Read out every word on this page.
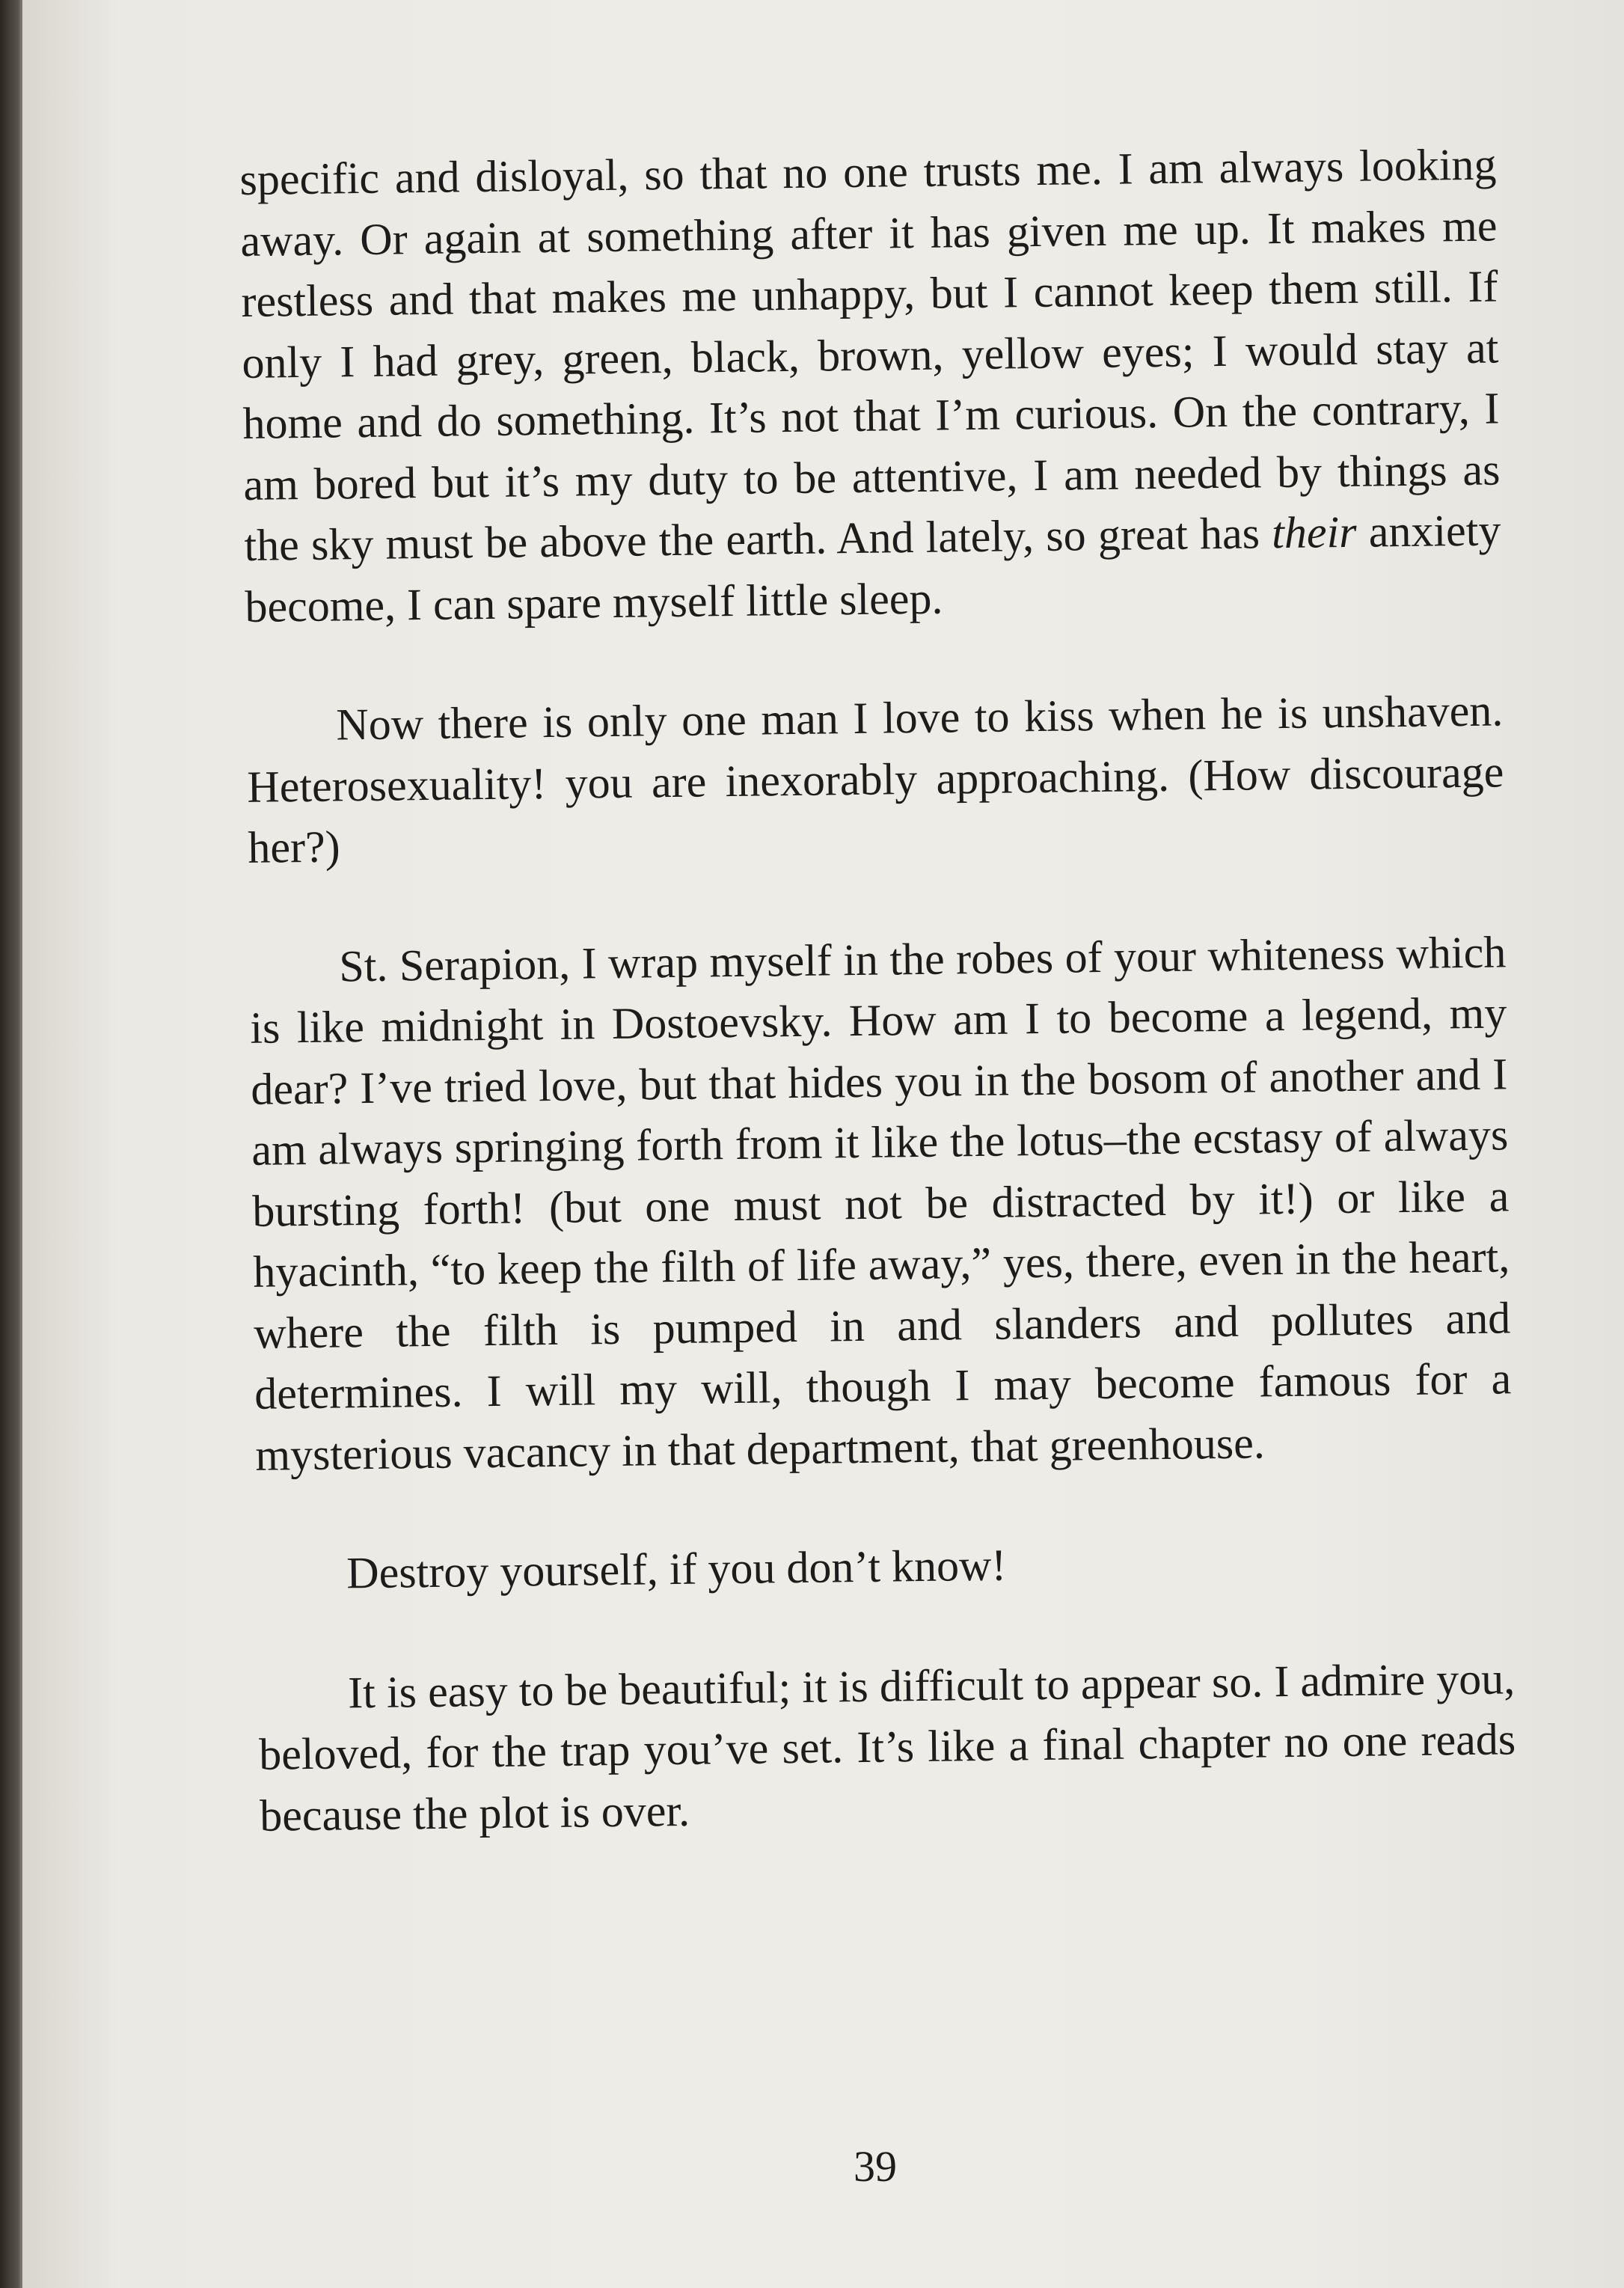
specific and disloyal, so that no one trusts me. I am always looking away. Or again at something after it has given me up. It makes me restless and that makes me unhappy, but I cannot keep them still. If only I had grey, green, black, brown, yellow eyes; I would stay at home and do something. It’s not that I’m curious. On the contrary, I am bored but it’s my duty to be attentive, I am needed by things as the sky must be above the earth. And lately, so great has their anxiety become, I can spare myself little sleep.

Now there is only one man I love to kiss when he is unshaven. Heterosexuality! you are inexorably approaching. (How discourage her?)

St. Serapion, I wrap myself in the robes of your whiteness which is like midnight in Dostoevsky. How am I to become a legend, my dear? I’ve tried love, but that hides you in the bosom of another and I am always springing forth from it like the lotus–the ecstasy of always bursting forth! (but one must not be distracted by it!) or like a hyacinth, “to keep the filth of life away,” yes, there, even in the heart, where the filth is pumped in and slanders and pollutes and determines. I will my will, though I may become famous for a mysterious vacancy in that department, that greenhouse.

Destroy yourself, if you don’t know!

It is easy to be beautiful; it is difficult to appear so. I admire you, beloved, for the trap you’ve set. It’s like a final chapter no one reads because the plot is over.

39
